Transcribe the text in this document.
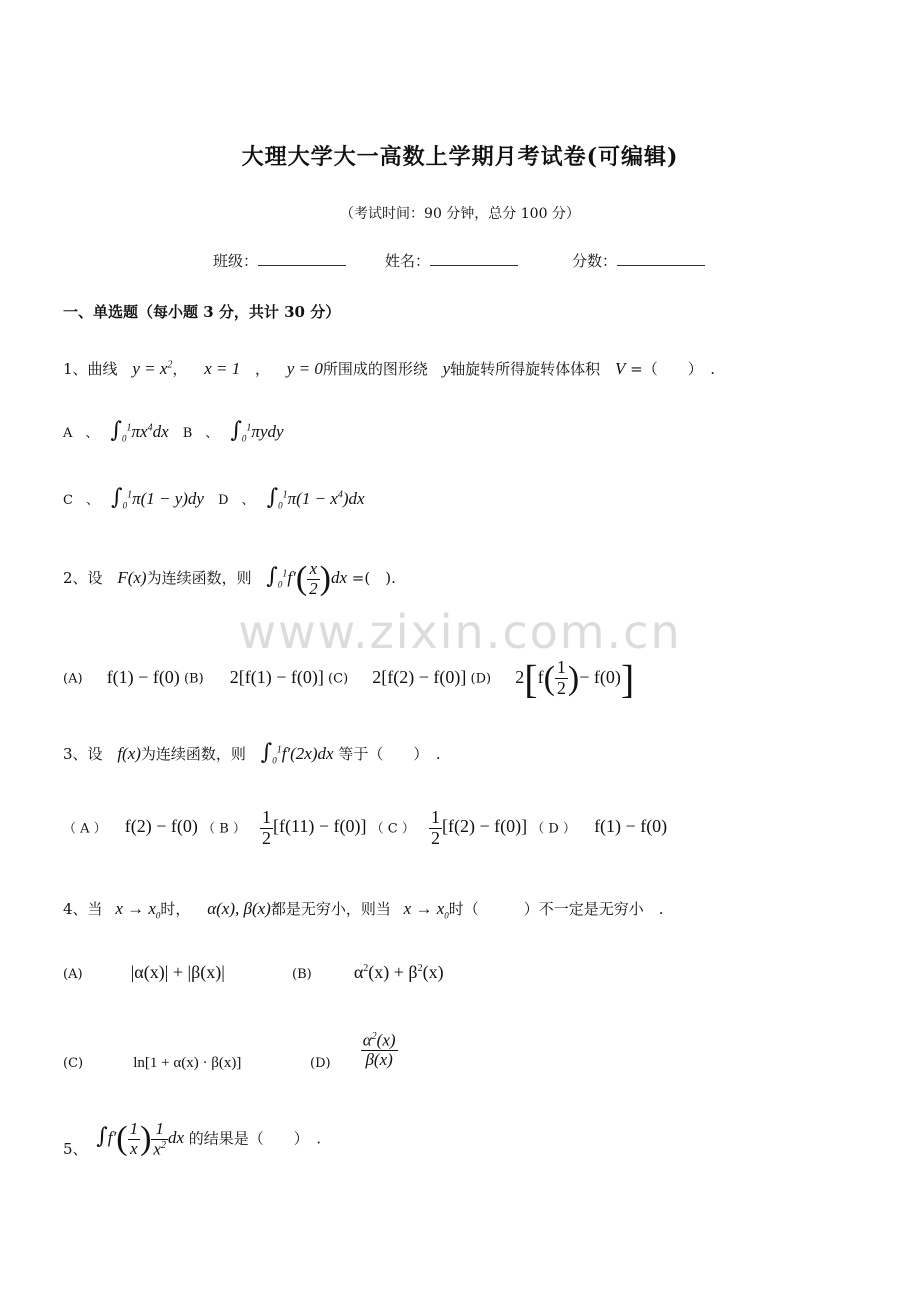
大理大学大一高数上学期月考试卷(可编辑)
（考试时间：90 分钟，总分 100 分）
班级：	姓名：	分数：
一、单选题（每小题 3 分，共计 30 分）
1、曲线 $y = x^2$， x = 1 ， y = 0所围成的图形绕 y轴旋转所得旋转体体积 V =（　　）　.
A　、 $\int_0^1\pi x^4dx$ B　、 $\int_0^1\pi ydy$
C　、 $\int_0^1\pi(1 - y)dy$ D　、 $\int_0^1\pi(1 - x^4)dx$
2、设 F(x)为连续函数，则 $\int_0^1f'( \frac{x}{2} )dx$ =(　).
(A) f(1) − f(0) (B) 2[f(1) − f(0)] (C) 2[f(2) − f(0)] (D) $2[f( \frac{1}{2}$ )− f(0)]
3、设 f(x)为连续函数，则 $\int_0^1f'(2x)dx$ 等于（　　）　.
（ A ） f(2) − f(0) （ B ） $\frac{1}{2} [f(11) - f(0)]$ （ C ） $\frac{1}{2} [f(2) - f(0)]$ （ D ） f(1) − f(0)
4、当 $x \to x_0$时， α(x), β(x)都是无穷小，则当 $x \to x_0$时（　　　）不一定是无穷小　.
(A)	|α(x)| + |β(x)|	(B) $\alpha^2(x) + \beta^2(x)$
(C)	ln[1 + α(x) · β(x)]	$(D) \frac{\alpha^2(x)}{\beta(x)}$
5、 $\int f'( \frac{1}{x}$ ) $\frac{1}{x^2}$ dx 的结果是（　　）　.
www.zixin.com.cn
